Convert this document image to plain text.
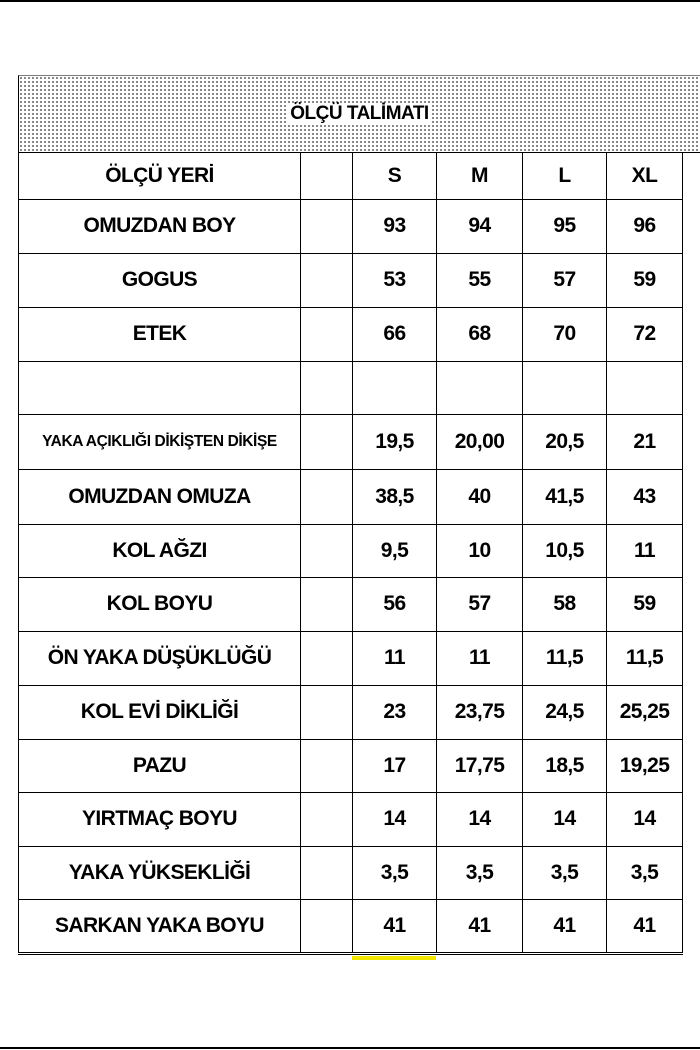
ÖLÇÜ TALİMATI
ÖLÇÜ YERİ		S	M	L	XL	
OMUZDAN BOY		93	94	95	96	
GOGUS		53	55	57	59	
ETEK		66	68	70	72	

YAKA AÇIKLIĞI DİKİŞTEN DİKİŞE		19,5	20,00	20,5	21	
OMUZDAN OMUZA		38,5	40	41,5	43	
KOL AĞZI		9,5	10	10,5	11	
KOL BOYU		56	57	58	59	
ÖN YAKA DÜŞÜKLÜĞÜ		11	11	11,5	11,5	
KOL EVİ DİKLİĞİ		23	23,75	24,5	25,25	
PAZU		17	17,75	18,5	19,25	
YIRTMAÇ BOYU		14	14	14	14	
YAKA YÜKSEKLİĞİ		3,5	3,5	3,5	3,5	
SARKAN YAKA BOYU		41	41	41	41	
